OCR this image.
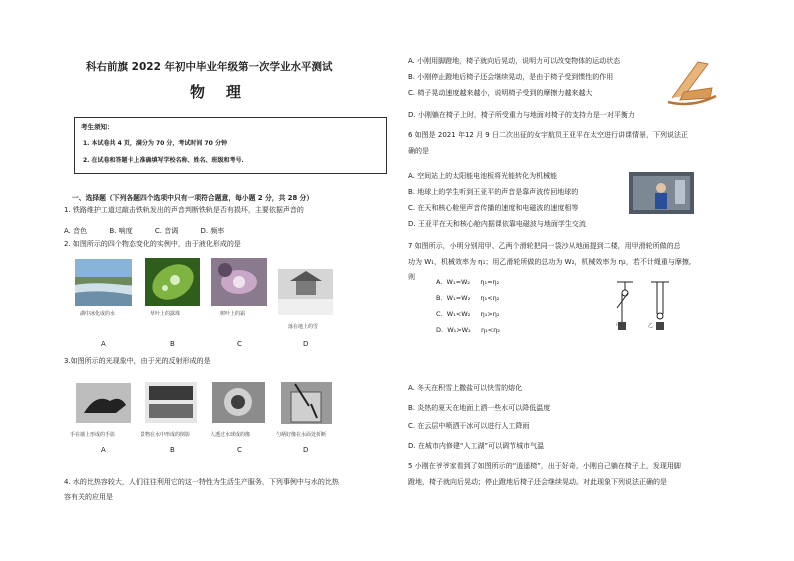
科右前旗 2022 年初中毕业年级第一次学业水平测试
物    理
考生须知：
1. 本试卷共 4 页，满分为 70 分，考试时间 70 分钟
2. 在试卷和答题卡上准确填写学校名称、姓名、班级和考号.
一、选择题（下列各题四个选项中只有一项符合题意，每小题 2 分，共 28 分）
1. 铁路维护工道过敲击铁轨发出的声音判断铁轨是否有损坏，主要依据声音的
A. 音色          B. 响度          C. 音调          D. 频率
2. 如图所示的四个物态变化的实例中，由于液化形成的是
湖中冰化成的水	草叶上的露珠	树叶上的霜
落在地上的雪
A	B	C	D
3.如图所示的光现象中，由于光的反射形成的是
手在墙上形成的手影	景物在水中形成的倒影	人透过水球成的像	勺柄好像在水面处折断
A	B	C	D
4. 水的比热容较大，人们往往利用它的这一特性为生活生产服务，下列事例中与水的比热
容有关的应用是
A. 小刚用脚蹬地，椅子就向后晃动，说明力可以改变物体的运动状态
B. 小刚停止蹬地后椅子还会继续晃动，是由于椅子受到惯性的作用
C. 椅子晃动速度越来越小，说明椅子受到的摩擦力越来越大
D. 小刚躺在椅子上时，椅子所受重力与地面对椅子的支持力是一对平衡力
6 如图是 2021 年12 月 9 日二次出征的女宇航员王亚平在太空进行讲课情景，下列说法正
确的是
A. 空间站上的太阳能电池板将光能转化为机械能
B. 地球上的学生听到王亚平的声音是靠声波传回地球的
C. 在天和核心舱里声音传播的速度和电磁波的速度相等
D. 王亚平在天和核心舱内据课依靠电磁波与地面学生交流
7 如图所示，小明分别用甲、乙两个滑轮把同一袋沙从地面提到二楼，用甲滑轮所做的总
功为 W₁，机械效率为 η₁；用乙滑轮所做的总功为 W₂，机械效率为 η₂，若不计绳重与摩擦,
则
A.  W₁=W₂     η₁=η₂
B.  W₁=W₂     η₁<η₂
C.  W₁<W₂     η₁>η₂
D.  W₁>W₂     η₁<η₂	甲	乙
A. 冬天在积雪上撒盐可以快雪的熔化
B. 炎热的夏天在地面上洒一些水可以降低温度
C. 在云层中喷洒干冰可以进行人工降雨
D. 在城市内修建“人工湖”可以调节城市气温
5 小刚在爷爷家看到了如图所示的“逍遥椅”，出于好奇，小刚自己躺在椅子上，发现用脚
蹬地，椅子就向后晃动；停止蹬地后椅子还会继续晃动。对此现象下列说法正确的是
